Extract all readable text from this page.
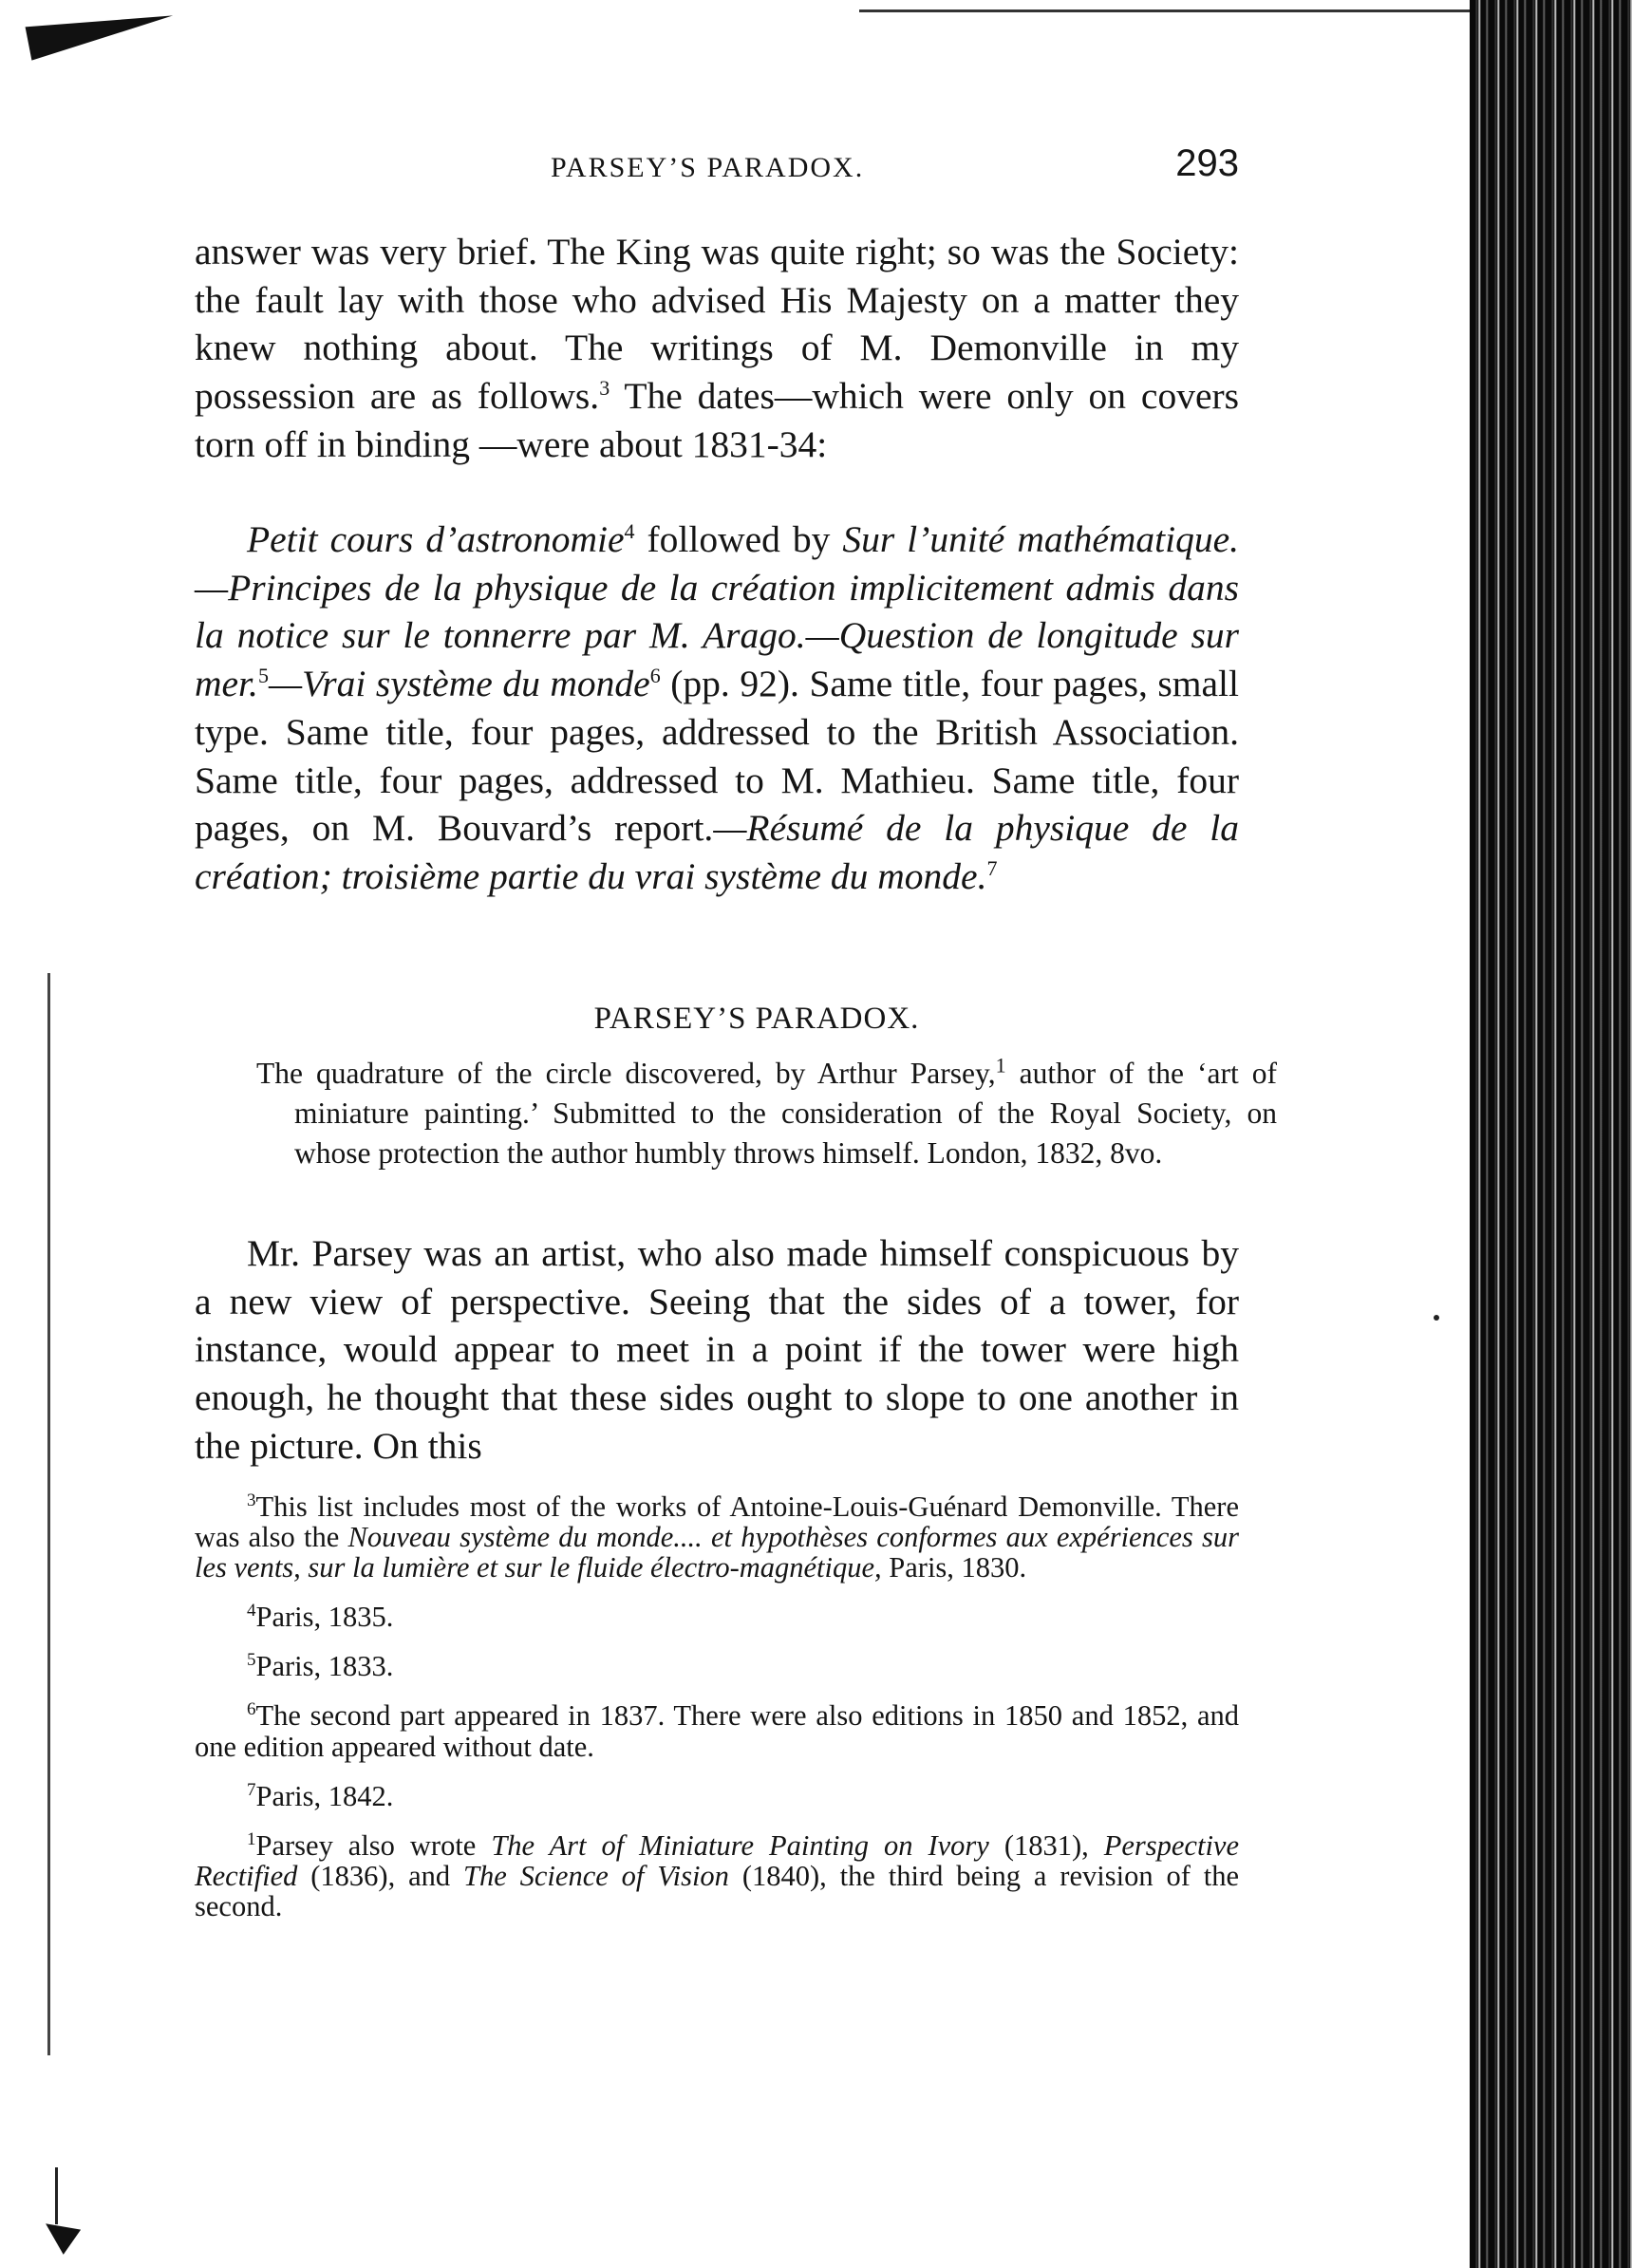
PARSEY’S PARADOX.	293

answer was very brief. The King was quite right; so was the Society: the fault lay with those who advised His Majesty on a matter they knew nothing about. The writings of M. Demonville in my possession are as follows.$^3$ The dates—which were only on covers torn off in binding —were about 1831-34:

Petit cours d’astronomie$^4$ followed by Sur l’unité mathématique.—Principes de la physique de la création implicitement admis dans la notice sur le tonnerre par M. Arago.—Question de longitude sur mer.$^5$—Vrai système du monde$^6$ (pp. 92). Same title, four pages, small type. Same title, four pages, addressed to the British Association. Same title, four pages, addressed to M. Mathieu. Same title, four pages, on M. Bouvard’s report.—Résumé de la physique de la création; troisième partie du vrai système du monde.$^7$

PARSEY’S PARADOX.

The quadrature of the circle discovered, by Arthur Parsey,$^1$ author of the ‘art of miniature painting.’ Submitted to the consideration of the Royal Society, on whose protection the author humbly throws himself. London, 1832, 8vo.

Mr. Parsey was an artist, who also made himself conspicuous by a new view of perspective. Seeing that the sides of a tower, for instance, would appear to meet in a point if the tower were high enough, he thought that these sides ought to slope to one another in the picture. On this

$^3$This list includes most of the works of Antoine-Louis-Guénard Demonville. There was also the Nouveau système du monde.... et hypothèses conformes aux expériences sur les vents, sur la lumière et sur le fluide électro-magnétique, Paris, 1830.

$^4$Paris, 1835.

$^5$Paris, 1833.

$^6$The second part appeared in 1837. There were also editions in 1850 and 1852, and one edition appeared without date.

$^7$Paris, 1842.

$^1$Parsey also wrote The Art of Miniature Painting on Ivory (1831), Perspective Rectified (1836), and The Science of Vision (1840), the third being a revision of the second.
